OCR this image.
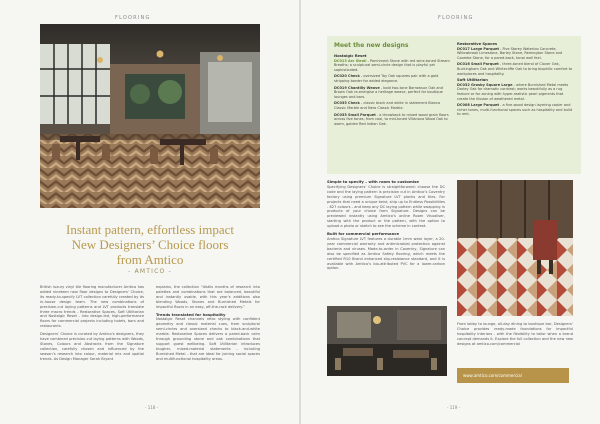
FLOORING
Instant pattern, effortless impact
New Designers’ Choice floors
from Amtico
- AMTICO -

British luxury vinyl tile flooring manufacturer Amtico has added nineteen new floor designs to Designers’ Choice, its ready-to-specify LVT collection carefully created by its in-house design team. The new combinations of precision-cut laying patterns and LVT products translate three macro trends - Restorative Spaces, Soft Utilitarian and Nostalgic Reset - into design-led, high-performance floors for commercial projects including hotels, bars and restaurants.

Designers’ Choice is curated by Amtico’s designers, they have combined precision-cut laying patterns with Woods, Stones, Colours and Abstracts from the Signature collection, carefully chosen and influenced by the season’s research into colour, material mix and spatial trends. As Design Manager Sarah Bryant

explains, the collection “distils months of research into palettes and combinations that are balanced, beautiful and instantly usable, with this year’s additions also blending Woods, Stones and Burnished Metals for impactful floors in an easy, off-the-rack delivery.”

Trends translated for hospitality

Nostalgic Reset channels retro styling with confident geometry and classic material cues, from sculptural semi-circles and oversized checks to black-and-white marble. Restorative Spaces delivers a pared-back calm through grounding stone and oak combinations that support guest wellbeing. Soft Utilitarian introduces tougher, mixed-material statements - including Burnished Metal - that are ideal for joining social spaces and multifunctional hospitality areas.

- 118 -
FLOORING
Meet the new designs
Nostalgic Reset

DC013 Arc Stroll - Parchment Stone with red wine-toned Stream Breaths; a sculptural semi-circle design that is playful yet sophisticated.

DC020 Check - oversized Tay Oak squares pair with a gold stripping border for added elegance.

DC019 Chantilly Weave - bold two-tone Barrowsun Oak and Brown Oak re-energise a heritage weave, perfect for boutique lounges and bars.

DC035 Check - classic black and white in statement Bianca Classic Marble and Nero Classic Marble.

DC035 Small Parquet - a throwback to mixed wood grain floors across five tones, from cool, to mid-toned Villanova Wood Oak to warm, golden Red Indian Oak.

Restorative Spaces

DC017 Large Parquet - Five Storey Waterloo Concrete, Willowbrook Limestone, Barley Stone, Remington Stone and Coombe Stone, for a pared-back, tonal wall feel.

DC016 Small Parquet - three-toned blend of Clover Oak, Buckingham Oak and Whitecliffe Oak to bring biophilic comfort to workplaces and hospitality.

Soft Utilitarian

DC032 Grosby Square Large - where Burnished Metal meets Darley Oak for dramatic contrast; works beautifully as a rug feature or for zoning with hyper-realistic pearl pigments that create the illusion of weathered metal.

DC008 Large Parquet - a five-wood design layering cooler and richer tones, multi-functional spaces such as hospitality and build to rent.

Simple to specify – with room to customise

Specifying Designers’ Choice is straightforward: choose the DC code and the laying pattern is precision cut in Amtico’s Coventry factory using premium Signature LVT planks and tiles. For projects that need a unique twist, ship up to Endless Possibilities - 827 colours - and keep any DC laying pattern while swapping in products of your choice from Signature. Designs can be previewed instantly using Amtico’s online Room Visualiser, starting with the product or the pattern, with the option to upload a photo or sketch to see the scheme in context.

Built for commercial performance

Amtico Signature LVT features a durable 1mm wear layer, a 20-year commercial warranty and antimicrobial protection against bacteria and viruses. Made-to-order in Coventry, Signature can also be specified as Amtico Safety flooring, which meets the certified R10 Brand enhanced slip-resistance standard, and it is available with Amtico’s bio-attributed PVC for a lower-carbon option.

From lobby to lounge, all-day dining to boutique bar, Designers’ Choice provides ready-made foundations for impactful hospitality interiors - with the flexibility to tailor when a brand concept demands it. Explore the full collection and the new new designs at amtico.com/commercial

www.amtico.com/commercial
- 119 -
